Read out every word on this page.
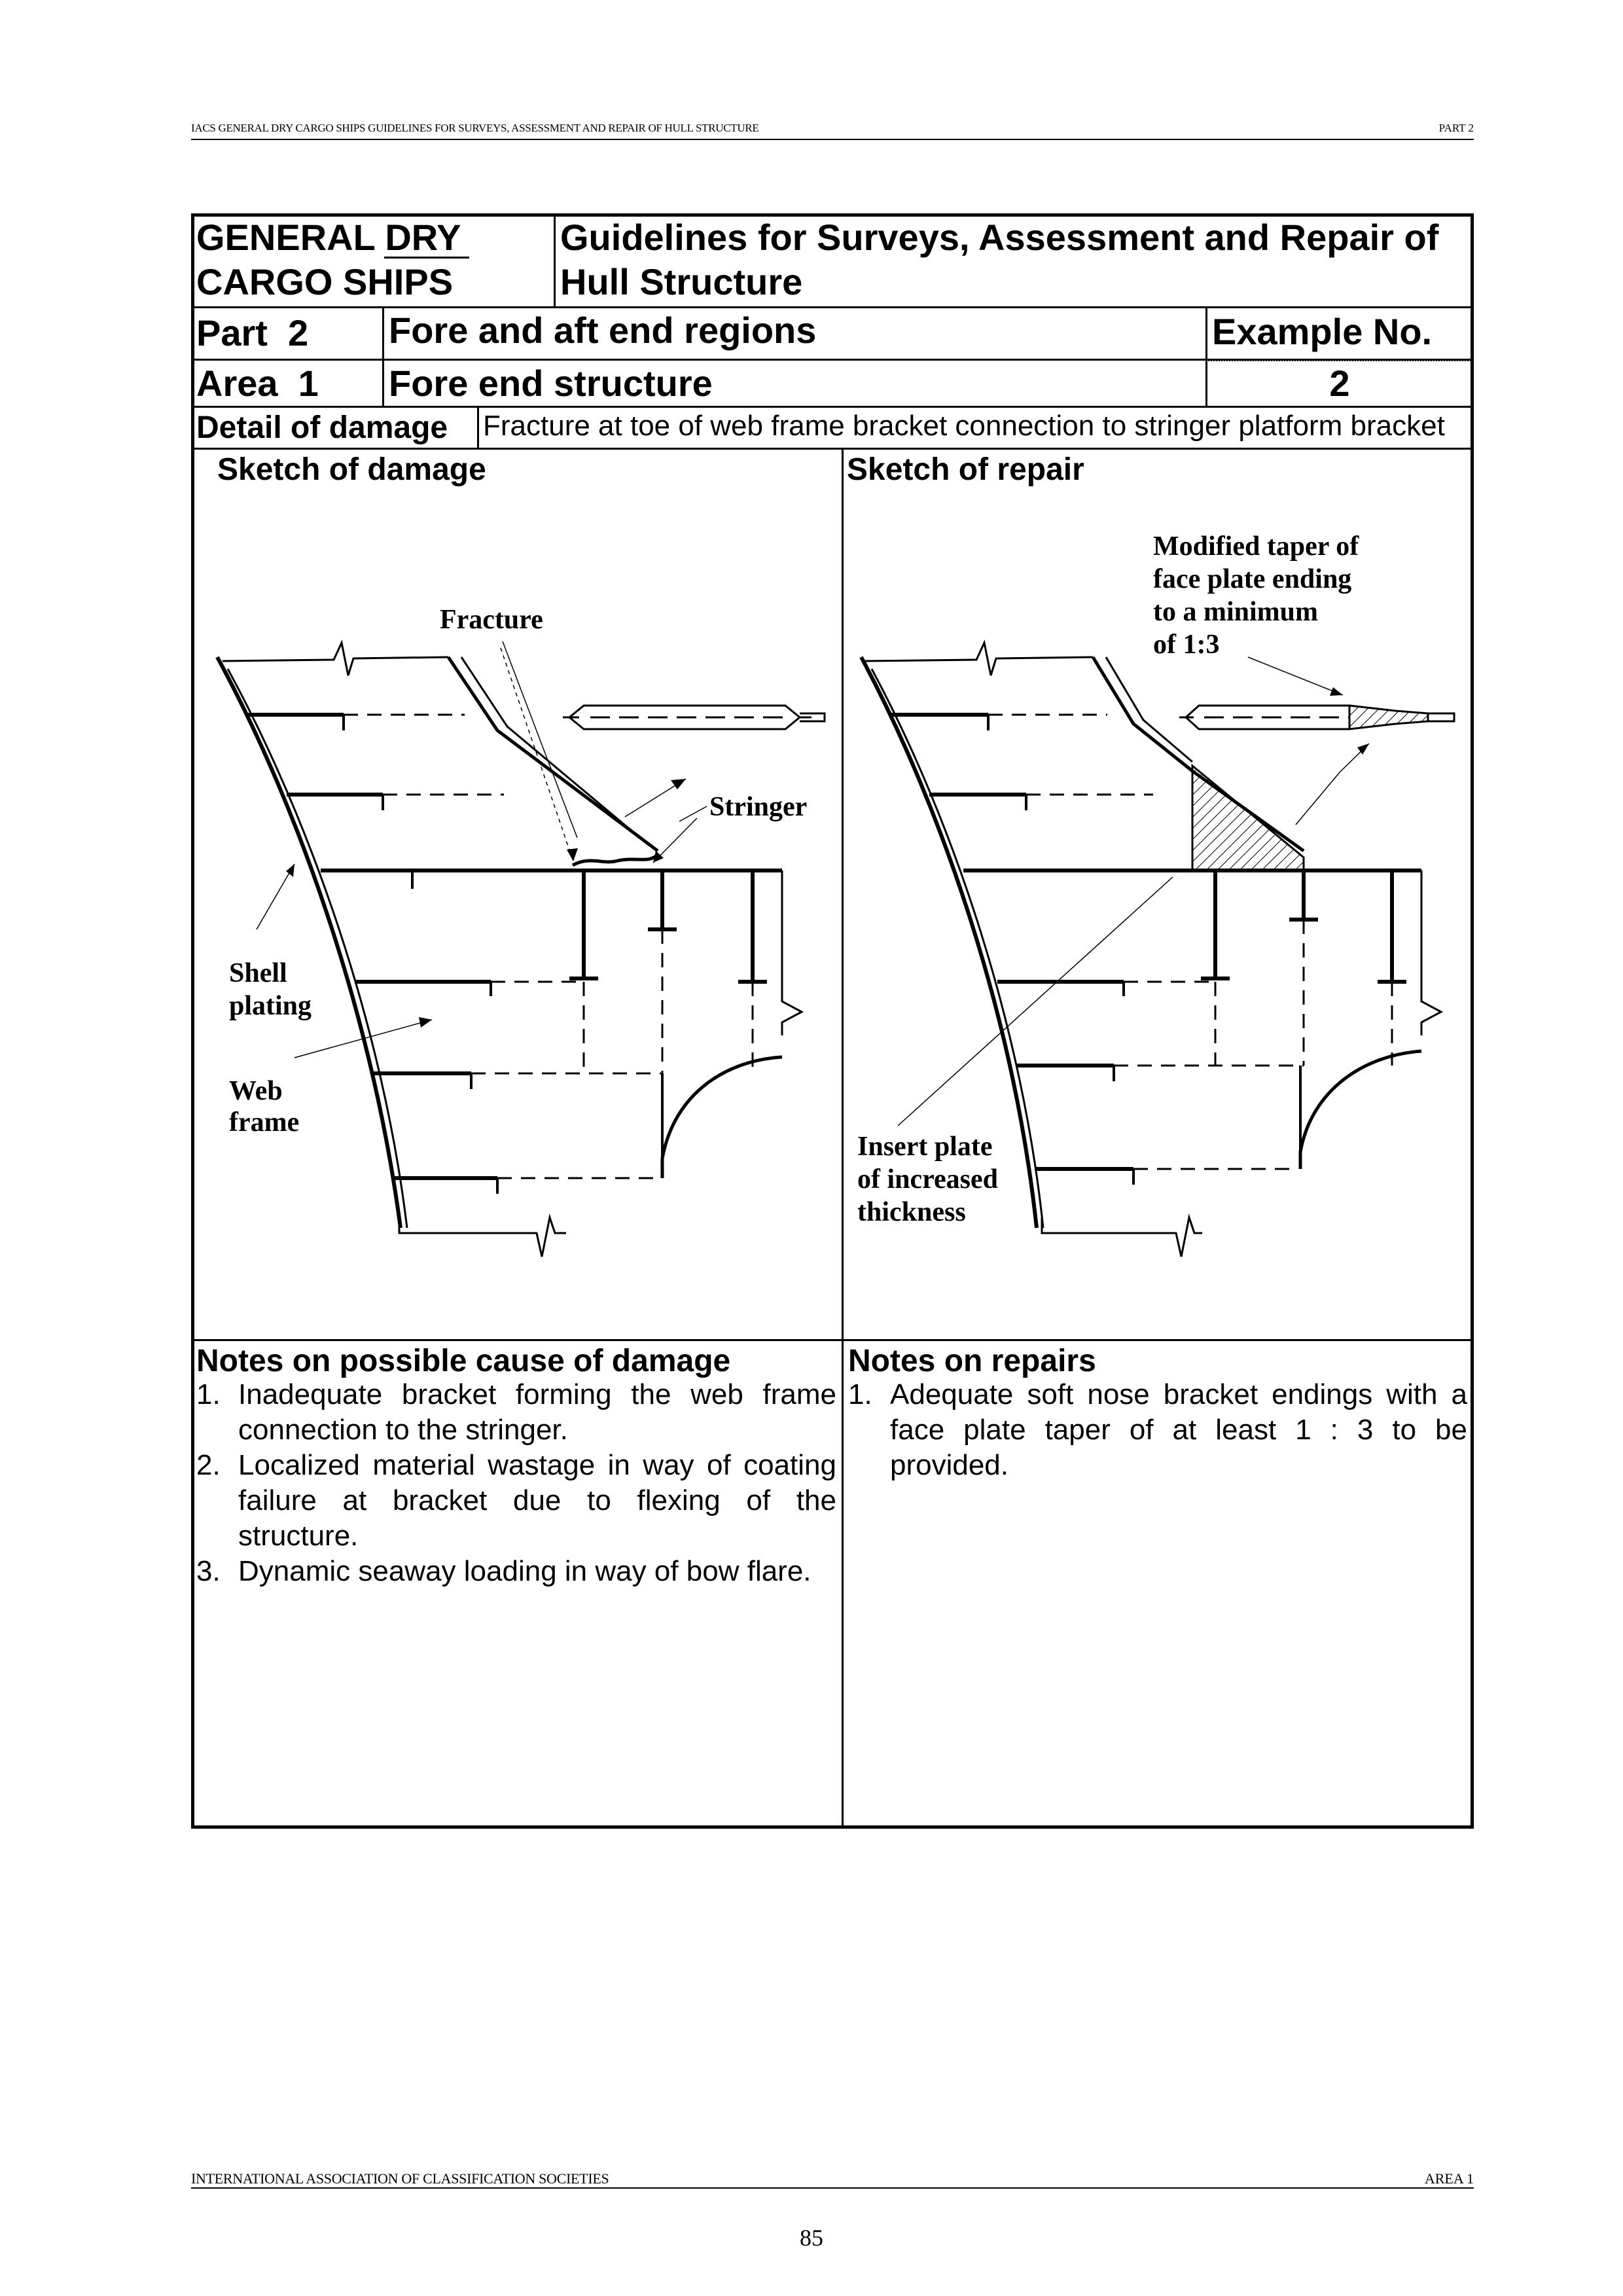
IACS GENERAL DRY CARGO SHIPS GUIDELINES FOR SURVEYS, ASSESSMENT AND REPAIR OF HULL STRUCTURE	PART 2
GENERAL DRY
CARGO SHIPS
Guidelines for Surveys, Assessment and Repair of
Hull Structure
Part  2 Fore and aft end regions	Example No.
Area  1 Fore end structure	2
Detail of damage Fracture at toe of web frame bracket connection to stringer platform bracket
Sketch of damage	Sketch of repair
Fracture
Stringer
Shell
plating
Web
frame
Modified taper of
face plate ending
to a minimum
of 1:3
Insert plate
of increased
thickness
Notes on possible cause of damage
1. Inadequate bracket forming the web frame connection to the stringer.
2. Localized material wastage in way of coating failure at bracket due to flexing of the structure.
3. Dynamic seaway loading in way of bow flare.
Notes on repairs
1. Adequate soft nose bracket endings with a face plate taper of at least 1 : 3 to be provided.
INTERNATIONAL ASSOCIATION OF CLASSIFICATION SOCIETIES	AREA 1
85
